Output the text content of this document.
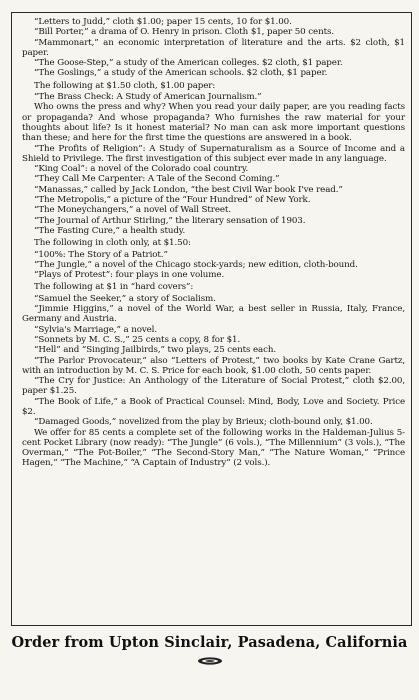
“Letters to Judd,” cloth $1.00; paper 15 cents, 10 for $1.00.

“Bill Porter,” a drama of O. Henry in prison. Cloth $1, paper 50 cents.

“Mammonart,” an economic interpretation of literature and the arts. $2 cloth, $1 paper.

“The Goose-Step,” a study of the American colleges. $2 cloth, $1 paper.

“The Goslings,” a study of the American schools. $2 cloth, $1 paper.

The following at $1.50 cloth, $1.00 paper:

“The Brass Check: A Study of American Journalism.”

Who owns the press and why? When you read your daily paper, are you reading facts or propaganda? And whose propaganda? Who furnishes the raw material for your thoughts about life? Is it honest material? No man can ask more important questions than these; and here for the first time the questions are answered in a book.

“The Profits of Religion”: A Study of Supernaturalism as a Source of Income and a Shield to Privilege. The first investigation of this subject ever made in any language.

“King Coal”: a novel of the Colorado coal country.

“They Call Me Carpenter: A Tale of the Second Coming.”

“Manassas,” called by Jack London, “the best Civil War book I've read.”

“The Metropolis,” a picture of the “Four Hundred” of New York.

“The Moneychangers,” a novel of Wall Street.

“The Journal of Arthur Stirling,” the literary sensation of 1903.

“The Fasting Cure,” a health study.

The following in cloth only, at $1.50:

“100%: The Story of a Patriot.”

“The Jungle,” a novel of the Chicago stock-yards; new edition, cloth-bound.

“Plays of Protest”: four plays in one volume.

The following at $1 in “hard covers”:

“Samuel the Seeker,” a story of Socialism.

“Jimmie Higgins,” a novel of the World War, a best seller in Russia, Italy, France, Germany and Austria.

“Sylvia's Marriage,” a novel.

“Sonnets by M. C. S.,” 25 cents a copy, 8 for $1.

“Hell” and “Singing Jailbirds,” two plays, 25 cents each.

“The Parlor Provocateur,” also “Letters of Protest,” two books by Kate Crane Gartz, with an introduction by M. C. S. Price for each book, $1.00 cloth, 50 cents paper.

“The Cry for Justice: An Anthology of the Literature of Social Protest,” cloth $2.00, paper $1.25.

“The Book of Life,” a Book of Practical Counsel: Mind, Body, Love and Society. Price $2.

“Damaged Goods,” novelized from the play by Brieux; cloth-bound only, $1.00.

We offer for 85 cents a complete set of the following works in the Haldeman-Julius 5-cent Pocket Library (now ready): “The Jungle” (6 vols.), “The Millennium” (3 vols.), “The Overman,” “The Pot-Boiler,” “The Second-Story Man,” “The Nature Woman,” “Prince Hagen,” “The Machine,” “A Captain of Industry” (2 vols.).

Order from Upton Sinclair, Pasadena, California
